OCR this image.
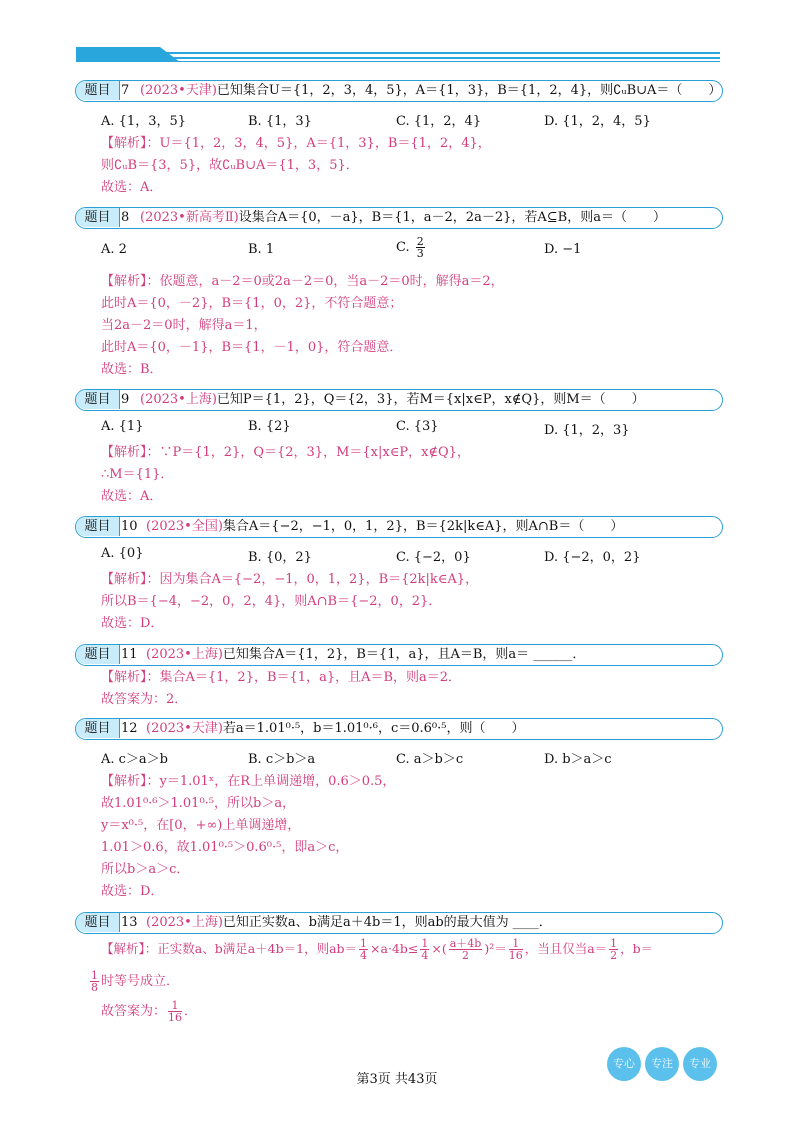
题目 7 (2023•天津)已知集合U＝{1，2，3，4，5}，A＝{1，3}，B＝{1，2，4}，则∁ᵤB∪A＝（　　）
A. {1，3，5}	B. {1，3}	C. {1，2，4}	D. {1，2，4，5}
【解析】：U＝{1，2，3，4，5}，A＝{1，3}，B＝{1，2，4}，
则∁ᵤB＝{3，5}，故∁ᵤB∪A＝{1，3，5}．
故选：A．
题目 8 (2023•新高考Ⅱ)设集合A＝{0，－a}，B＝{1，a－2，2a－2}，若A⊆B，则a＝（　　）
A. 2	B. 1	C. $\frac{2}{3}$	D. −1
【解析】：依题意，a－2＝0或2a－2＝0，当a－2＝0时，解得a＝2，
此时A＝{0，－2}，B＝{1，0，2}，不符合题意；
当2a－2＝0时，解得a＝1，
此时A＝{0，－1}，B＝{1，－1，0}，符合题意．
故选：B．
题目 9 (2023•上海)已知P＝{1，2}，Q＝{2，3}，若M＝{x|x∈P，x∉Q}，则M＝（　　）
A. {1}	B. {2}	C. {3}	D. {1，2，3}
【解析】：∵P＝{1，2}，Q＝{2，3}，M＝{x|x∈P，x∉Q}，
∴M＝{1}．
故选：A．
题目 10 (2023•全国)集合A＝{−2，−1，0，1，2}，B＝{2k|k∈A}，则A∩B＝（　　）
A. {0}	B. {0，2}	C. {−2，0}	D. {−2，0，2}
【解析】：因为集合A＝{−2，−1，0，1，2}，B＝{2k|k∈A}，
所以B＝{−4，−2，0，2，4}，则A∩B＝{−2，0，2}．
故选：D．
题目 11 (2023•上海)已知集合A＝{1，2}，B＝{1，a}，且A＝B，则a＝ ______．
【解析】：集合A＝{1，2}，B＝{1，a}，且A＝B，则a＝2．
故答案为：2．
题目 12 (2023•天津)若a＝1.01⁰·⁵，b＝1.01⁰·⁶，c＝0.6⁰·⁵，则（　　）
A. c＞a＞b	B. c＞b＞a	C. a＞b＞c	D. b＞a＞c
【解析】：y＝1.01ˣ，在R上单调递增，0.6＞0.5，
故1.01⁰·⁶＞1.01⁰·⁵，所以b＞a，
y＝x⁰·⁵，在[0，+∞)上单调递增，
1.01＞0.6，故1.01⁰·⁵＞0.6⁰·⁵，即a＞c，
所以b＞a＞c．
故选：D．
题目 13 (2023•上海)已知正实数a、b满足a＋4b＝1，则ab的最大值为 ____．
【解析】：正实数a、b满足a＋4b＝1，则$ab= \frac{1}{4} \times a\cdot 4b\le \frac{1}{4}$ ×( $\frac{a+4b}{2} )^2= \frac{1}{16}$ ，当且仅当$a= \frac{1}{2}$ ，b＝
$\frac{1}{8}$ 时等号成立．
故答案为： $\frac{1}{16}$ ．
第3页 共43页
专心	专注	专业
